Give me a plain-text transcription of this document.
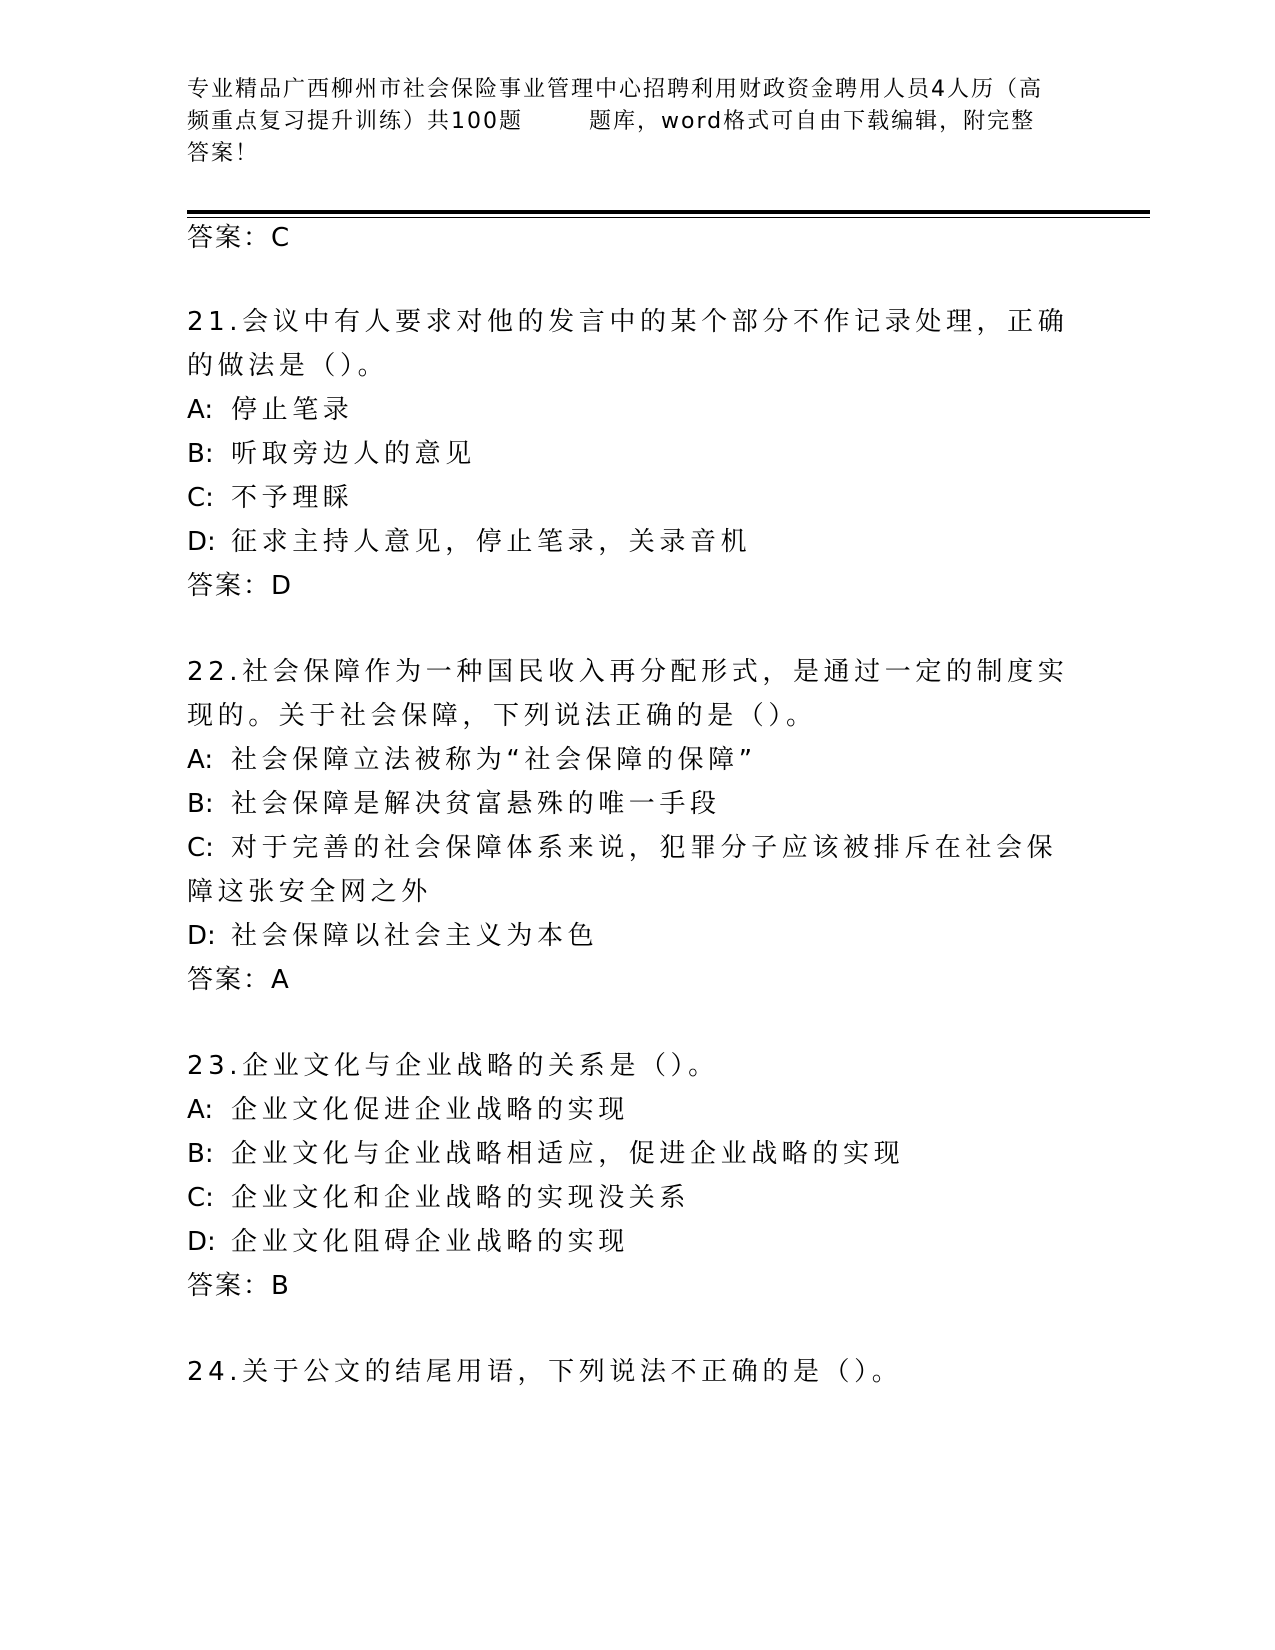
专业精品广西柳州市社会保险事业管理中心招聘利用财政资金聘用人员4人历（高
频重点复习提升训练）共100题	题库，word格式可自由下载编辑，附完整
答案！
答案：C
21.会议中有人要求对他的发言中的某个部分不作记录处理，正确的做法是（）。
A: 停止笔录
B: 听取旁边人的意见
C: 不予理睬
D: 征求主持人意见，停止笔录，关录音机
答案：D
22.社会保障作为一种国民收入再分配形式，是通过一定的制度实现的。关于社会保障，下列说法正确的是（）。
A: 社会保障立法被称为“社会保障的保障”
B: 社会保障是解决贫富悬殊的唯一手段
C: 对于完善的社会保障体系来说，犯罪分子应该被排斥在社会保障这张安全网之外
D: 社会保障以社会主义为本色
答案：A
23.企业文化与企业战略的关系是（）。
A: 企业文化促进企业战略的实现
B: 企业文化与企业战略相适应，促进企业战略的实现
C: 企业文化和企业战略的实现没关系
D: 企业文化阻碍企业战略的实现
答案：B
24.关于公文的结尾用语，下列说法不正确的是（）。
